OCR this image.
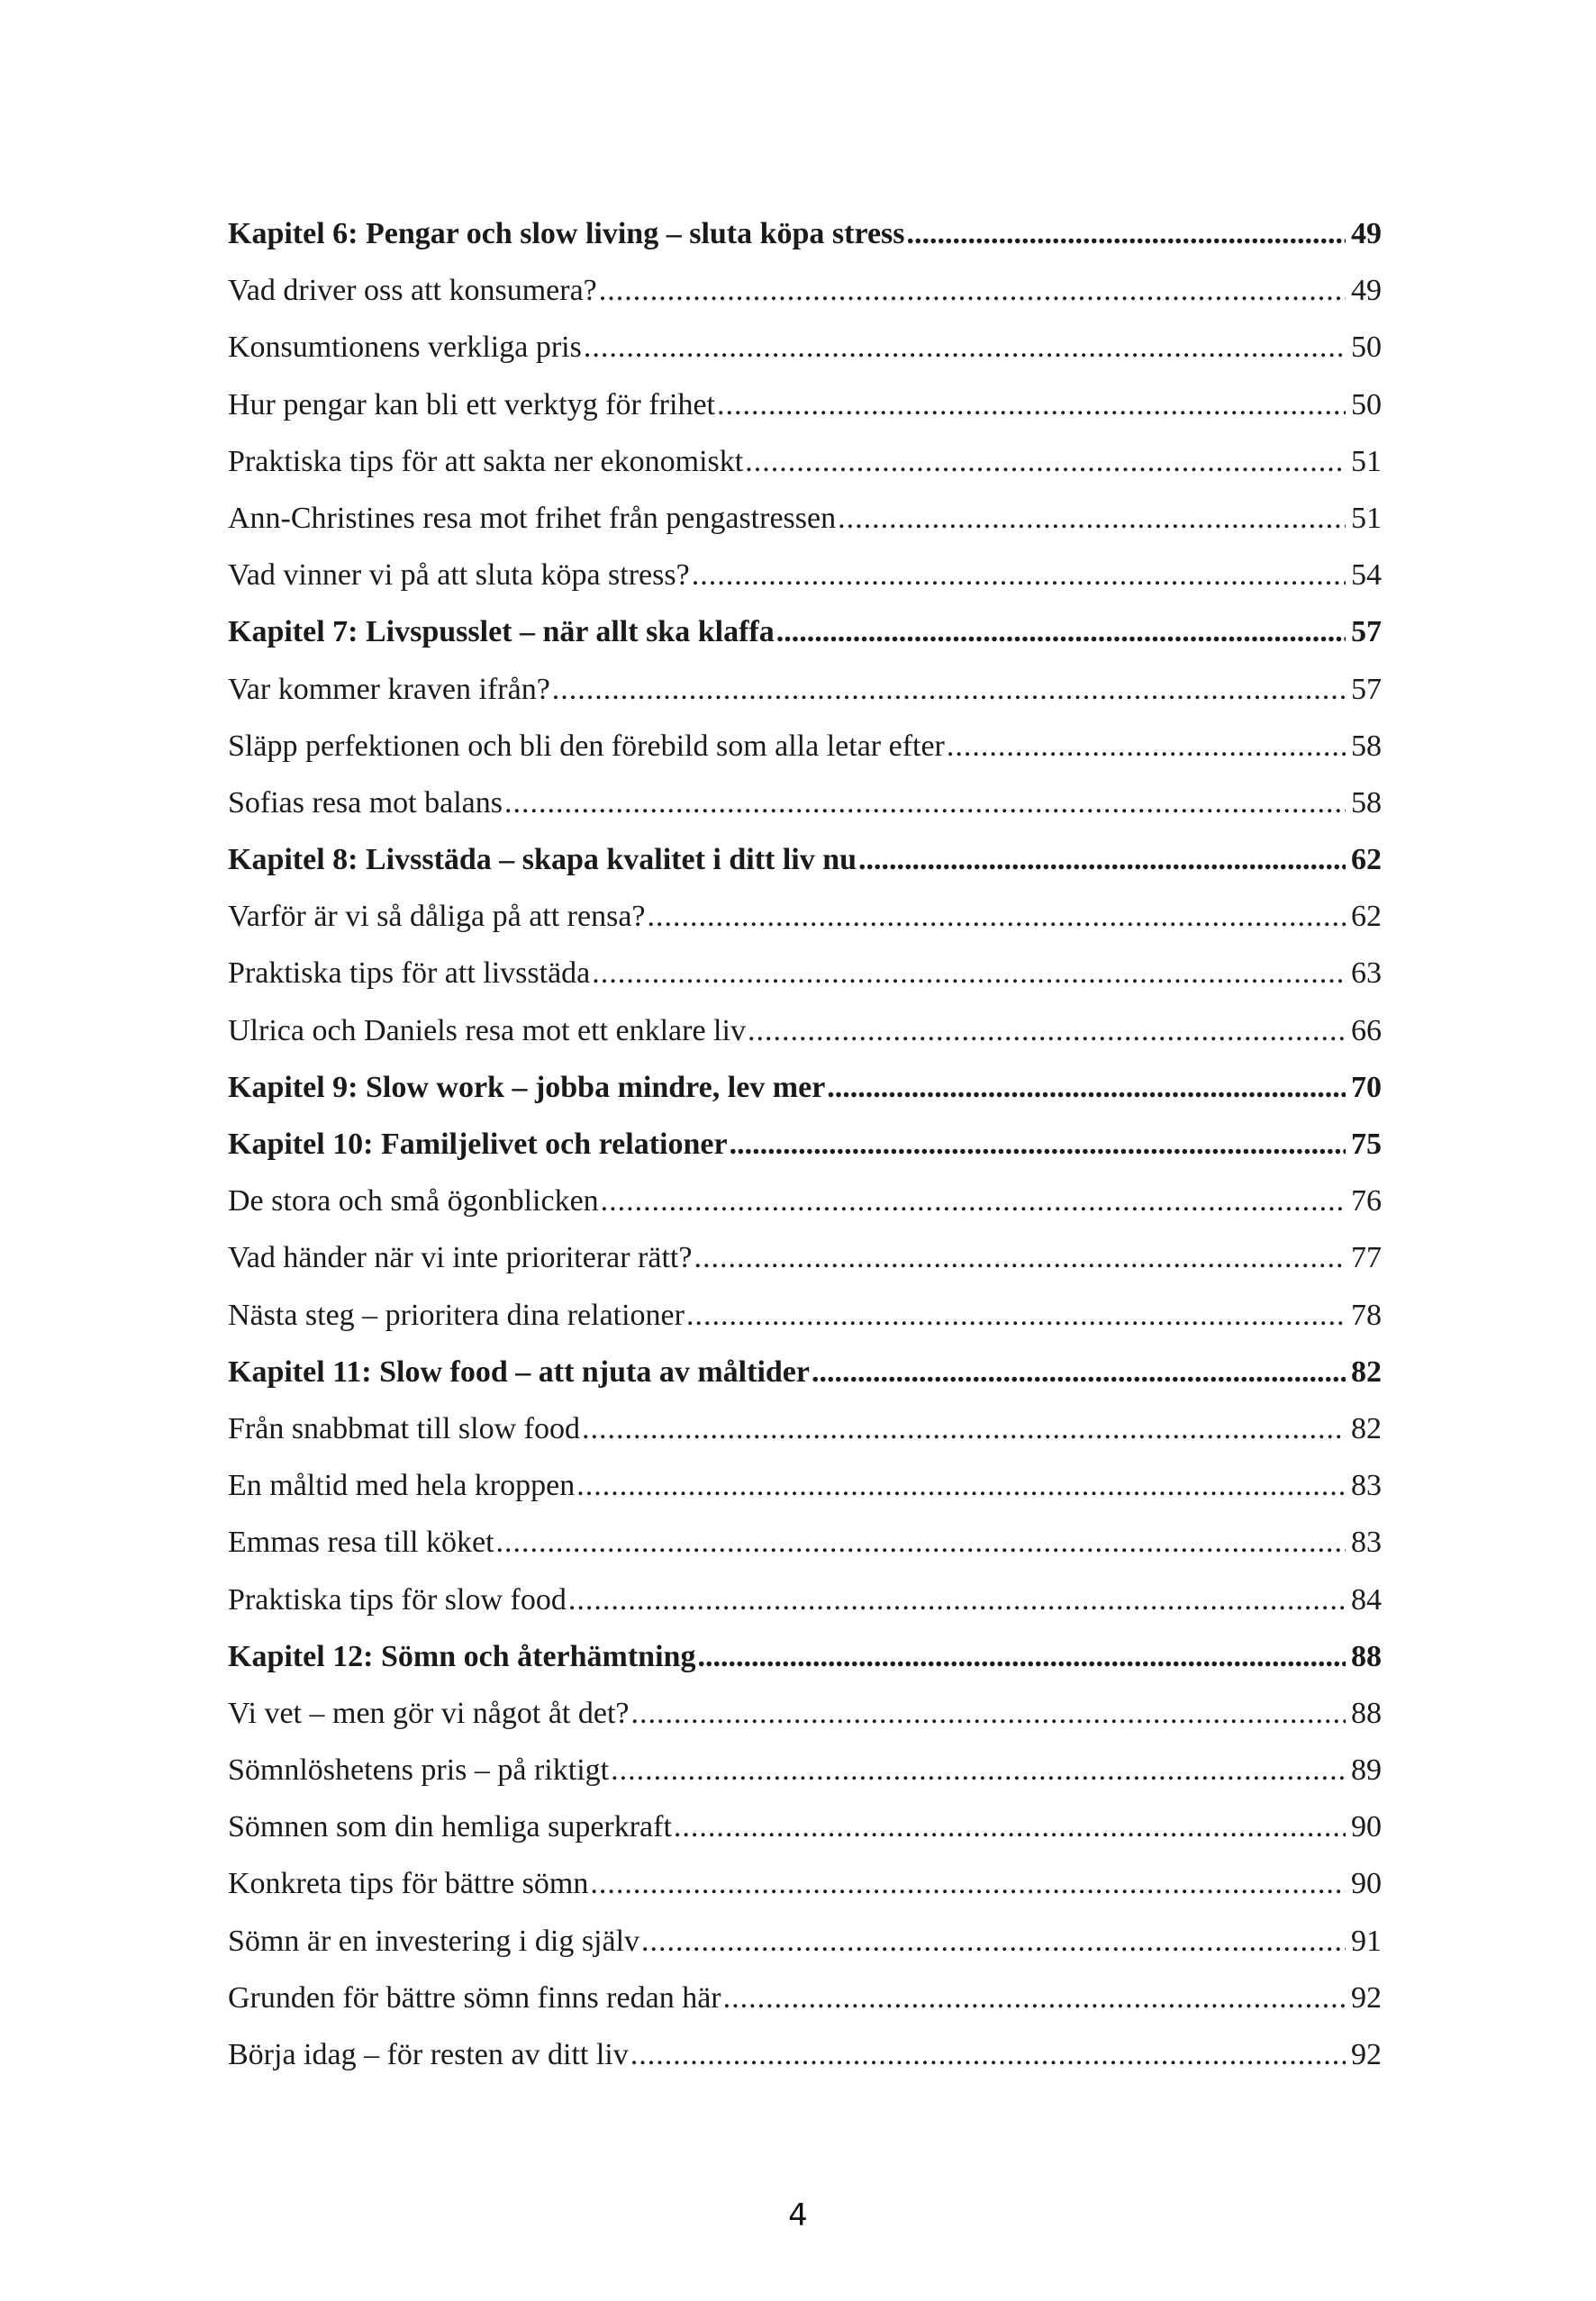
Kapitel 6: Pengar och slow living – sluta köpa stress .....	49
Vad driver oss att konsumera? .....	49
Konsumtionens verkliga pris .....	50
Hur pengar kan bli ett verktyg för frihet .....	50
Praktiska tips för att sakta ner ekonomiskt .....	51
Ann-Christines resa mot frihet från pengastressen .....	51
Vad vinner vi på att sluta köpa stress? .....	54
Kapitel 7: Livspusslet – när allt ska klaffa .....	57
Var kommer kraven ifrån? .....	57
Släpp perfektionen och bli den förebild som alla letar efter .....	58
Sofias resa mot balans .....	58
Kapitel 8: Livsstäda – skapa kvalitet i ditt liv nu .....	62
Varför är vi så dåliga på att rensa? .....	62
Praktiska tips för att livsstäda .....	63
Ulrica och Daniels resa mot ett enklare liv .....	66
Kapitel 9: Slow work – jobba mindre, lev mer .....	70
Kapitel 10: Familjelivet och relationer .....	75
De stora och små ögonblicken .....	76
Vad händer när vi inte prioriterar rätt? .....	77
Nästa steg – prioritera dina relationer .....	78
Kapitel 11: Slow food – att njuta av måltider .....	82
Från snabbmat till slow food .....	82
En måltid med hela kroppen .....	83
Emmas resa till köket .....	83
Praktiska tips för slow food .....	84
Kapitel 12: Sömn och återhämtning .....	88
Vi vet – men gör vi något åt det? .....	88
Sömnlöshetens pris – på riktigt .....	89
Sömnen som din hemliga superkraft .....	90
Konkreta tips för bättre sömn .....	90
Sömn är en investering i dig själv .....	91
Grunden för bättre sömn finns redan här .....	92
Börja idag – för resten av ditt liv .....	92
4
